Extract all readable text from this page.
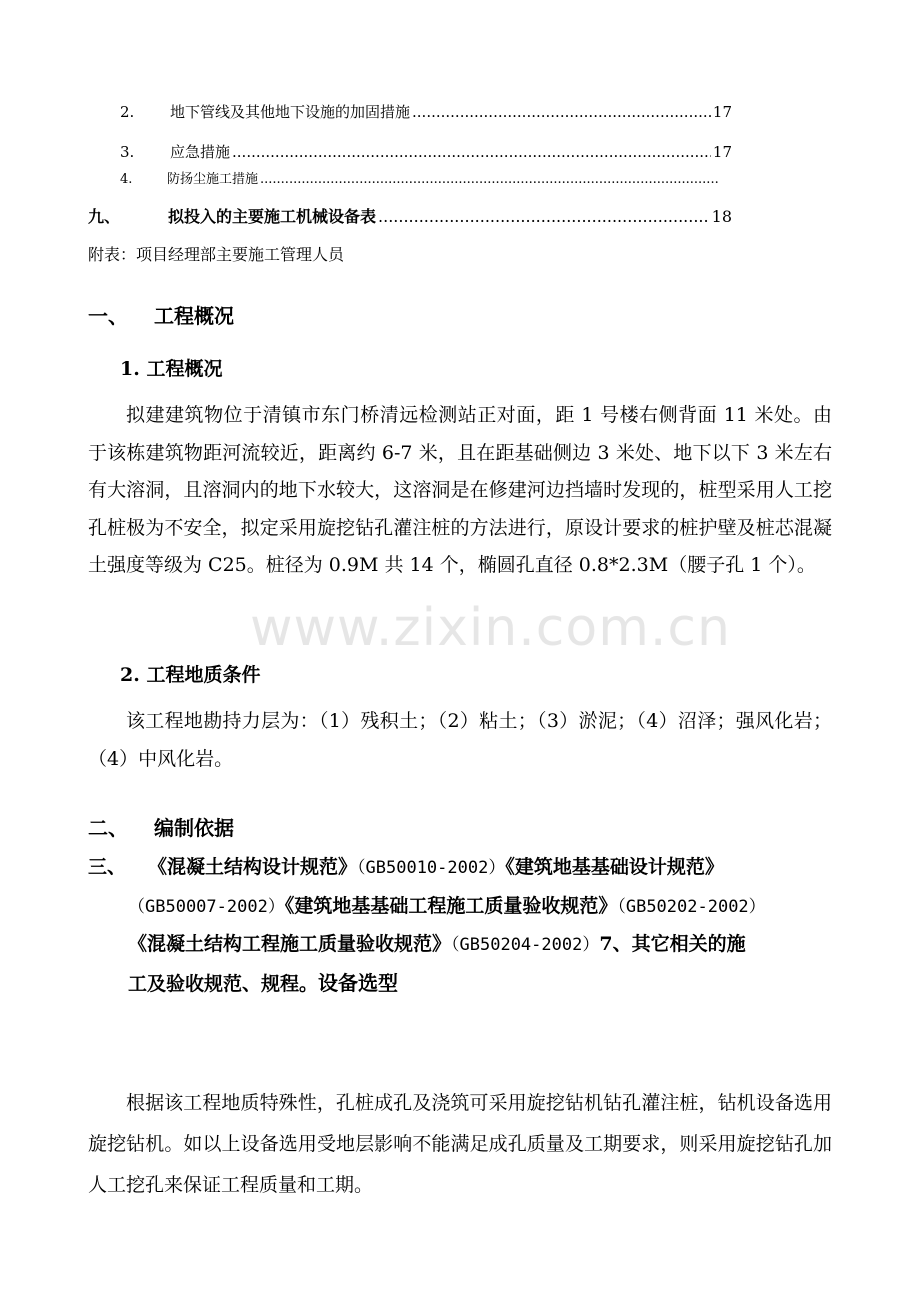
2.	地下管线及其他地下设施的加固措施 .....	17
3.	应急措施 .....	17
4.	防扬尘施工措施
.....
九、	拟投入的主要施工机械设备表 .....	18
附表：项目经理部主要施工管理人员
一、 工程概况
1. 工程概况
拟建建筑物位于清镇市东门桥清远检测站正对面，距 1 号楼右侧背面 11 米处。由于该栋建筑物距河流较近，距离约 6-7 米，且在距基础侧边 3 米处、地下以下 3 米左右有大溶洞，且溶洞内的地下水较大，这溶洞是在修建河边挡墙时发现的，桩型采用人工挖孔桩极为不安全，拟定采用旋挖钻孔灌注桩的方法进行，原设计要求的桩护壁及桩芯混凝土强度等级为 C25。桩径为 0.9M 共 14 个，椭圆孔直径 0.8*2.3M（腰子孔 1 个）。
2. 工程地质条件
该工程地勘持力层为：（1）残积土；（2）粘土；（3）淤泥；（4）沼泽；强风化岩；（4）中风化岩。
二、 编制依据
三、 《混凝土结构设计规范》（GB50010-2002）《建筑地基基础设计规范》
（GB50007-2002）《建筑地基基础工程施工质量验收规范》（GB50202-2002）
《混凝土结构工程施工质量验收规范》（GB50204-2002）7、其它相关的施
工及验收规范、规程。设备选型
根据该工程地质特殊性，孔桩成孔及浇筑可采用旋挖钻机钻孔灌注桩，钻机设备选用旋挖钻机。如以上设备选用受地层影响不能满足成孔质量及工期要求，则采用旋挖钻孔加人工挖孔来保证工程质量和工期。
www.zixin.com.cn
